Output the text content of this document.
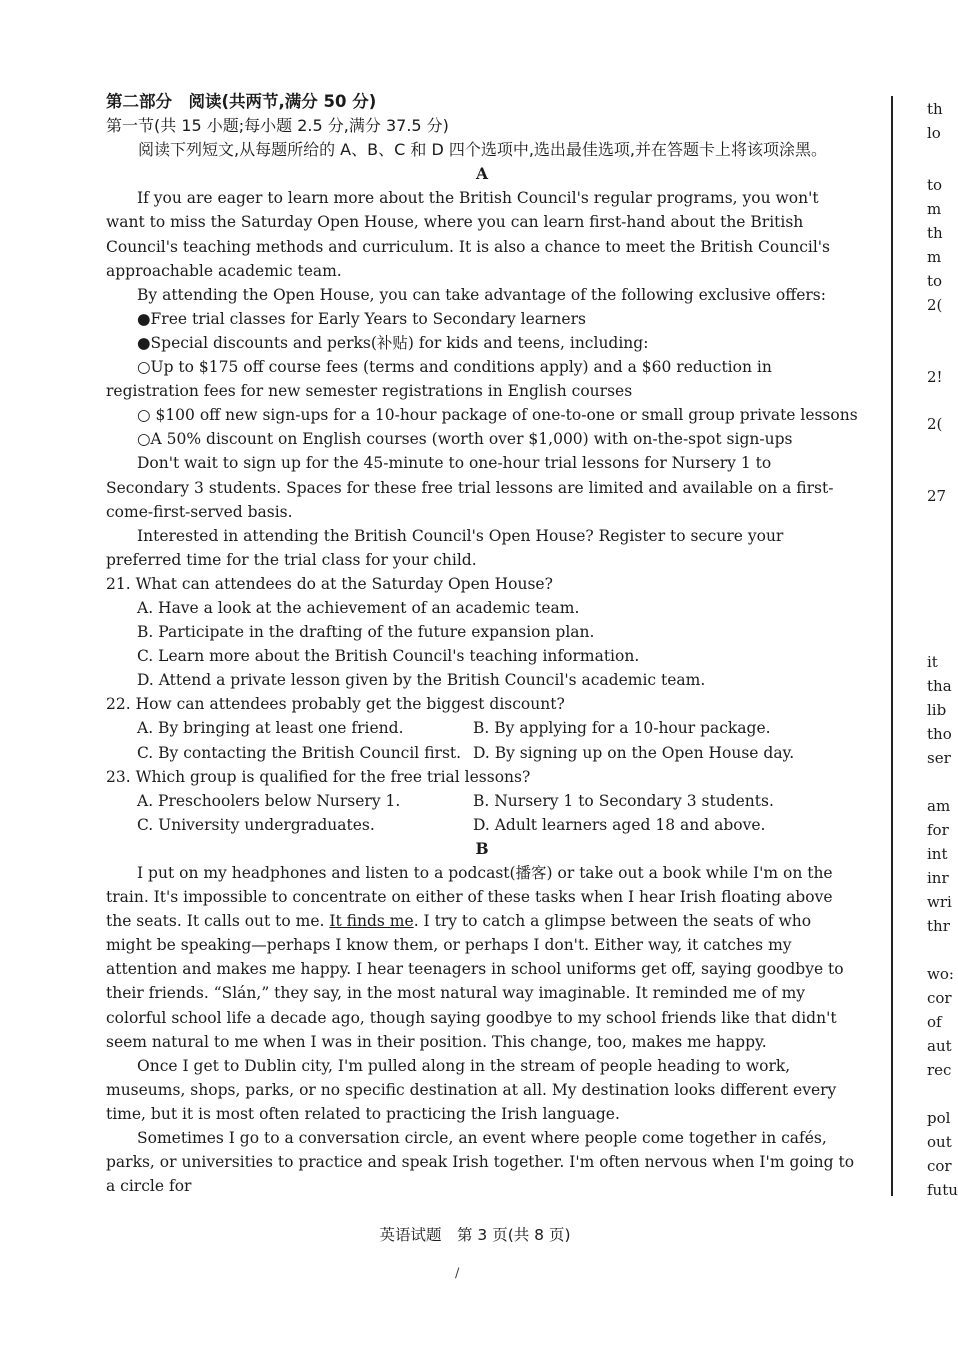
第二部分　阅读(共两节,满分 50 分)

第一节(共 15 小题;每小题 2.5 分,满分 37.5 分)

阅读下列短文,从每题所给的 A、B、C 和 D 四个选项中,选出最佳选项,并在答题卡上将该项涂黑。

A

If you are eager to learn more about the British Council's regular programs, you won't want to miss the Saturday Open House, where you can learn first-hand about the British Council's teaching methods and curriculum. It is also a chance to meet the British Council's approachable academic team.

By attending the Open House, you can take advantage of the following exclusive offers:

●Free trial classes for Early Years to Secondary learners

●Special discounts and perks(补贴) for kids and teens, including:

○Up to $175 off course fees (terms and conditions apply) and a $60 reduction in registration fees for new semester registrations in English courses

○ $100 off new sign-ups for a 10-hour package of one-to-one or small group private lessons

○A 50% discount on English courses (worth over $1,000) with on-the-spot sign-ups

Don't wait to sign up for the 45-minute to one-hour trial lessons for Nursery 1 to Secondary 3 students. Spaces for these free trial lessons are limited and available on a first-come-first-served basis.

Interested in attending the British Council's Open House? Register to secure your preferred time for the trial class for your child.

21. What can attendees do at the Saturday Open House?

A. Have a look at the achievement of an academic team.

B. Participate in the drafting of the future expansion plan.

C. Learn more about the British Council's teaching information.

D. Attend a private lesson given by the British Council's academic team.

22. How can attendees probably get the biggest discount?

A. By bringing at least one friend.	B. By applying for a 10-hour package.
C. By contacting the British Council first. D. By signing up on the Open House day.

23. Which group is qualified for the free trial lessons?

A. Preschoolers below Nursery 1.	B. Nursery 1 to Secondary 3 students.
C. University undergraduates.	D. Adult learners aged 18 and above.

B

I put on my headphones and listen to a podcast(播客) or take out a book while I'm on the train. It's impossible to concentrate on either of these tasks when I hear Irish floating above the seats. It calls out to me. It finds me. I try to catch a glimpse between the seats of who might be speaking—perhaps I know them, or perhaps I don't. Either way, it catches my attention and makes me happy. I hear teenagers in school uniforms get off, saying goodbye to their friends. “Slán,” they say, in the most natural way imaginable. It reminded me of my colorful school life a decade ago, though saying goodbye to my school friends like that didn't seem natural to me when I was in their position. This change, too, makes me happy.

Once I get to Dublin city, I'm pulled along in the stream of people heading to work, museums, shops, parks, or no specific destination at all. My destination looks different every time, but it is most often related to practicing the Irish language.

Sometimes I go to a conversation circle, an event where people come together in cafés, parks, or universities to practice and speak Irish together. I'm often nervous when I'm going to a circle for

英语试题　第 3 页(共 8 页)
/
th
lo
to
m
th
m
to
2(
2!
2(
27
it
tha
lib
tho
ser
am
for
int
inr
wri
thr
wo:
cor
of
aut
rec
pol
out
cor
futu
